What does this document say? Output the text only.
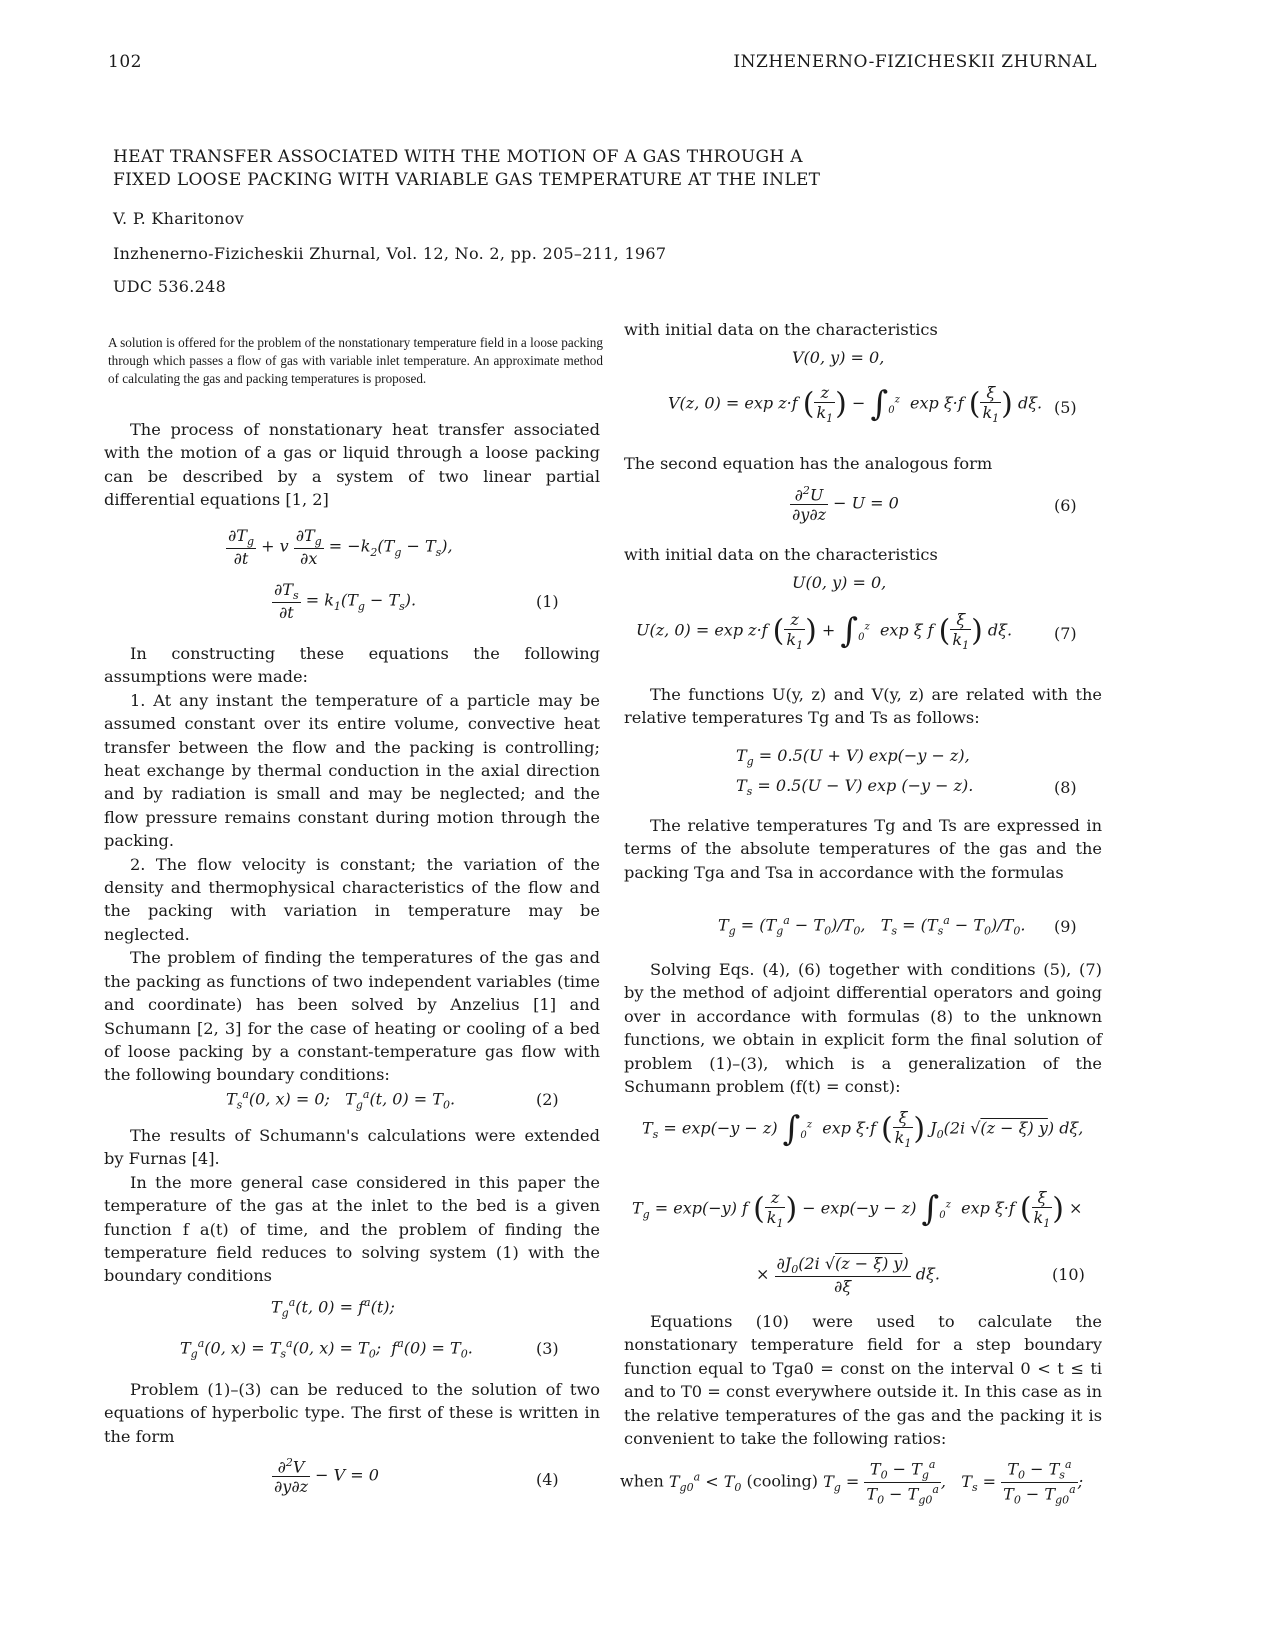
102	INZHENERNO-FIZICHESKII ZHURNAL
HEAT TRANSFER ASSOCIATED WITH THE MOTION OF A GAS THROUGH A
FIXED LOOSE PACKING WITH VARIABLE GAS TEMPERATURE AT THE INLET
V. P. Kharitonov
Inzhenerno-Fizicheskii Zhurnal, Vol. 12, No. 2, pp. 205–211, 1967
UDC 536.248

A solution is offered for the problem of the nonstationary temperature field in a loose packing through which passes a flow of gas with variable inlet temperature. An approximate method of calculating the gas and packing temperatures is proposed.

The process of nonstationary heat transfer associated with the motion of a gas or liquid through a loose packing can be described by a system of two linear partial differential equations [1, 2]

$\frac{\partial T_g}{\partial t} + v \frac{\partial T_g}{\partial x} = -k_2(T_g - T_s)$,
$\frac{\partial T_s}{\partial t} = k_1(T_g - T_s)$.	(1)

In constructing these equations the following assumptions were made:

1. At any instant the temperature of a particle may be assumed constant over its entire volume, convective heat transfer between the flow and the packing is controlling; heat exchange by thermal conduction in the axial direction and by radiation is small and may be neglected; and the flow pressure remains constant during motion through the packing.

2. The flow velocity is constant; the variation of the density and thermophysical characteristics of the flow and the packing with variation in temperature may be neglected.

The problem of finding the temperatures of the gas and the packing as functions of two independent variables (time and coordinate) has been solved by Anzelius [1] and Schumann [2, 3] for the case of heating or cooling of a bed of loose packing by a constant-temperature gas flow with the following boundary conditions:

$T_s^a(0$, x) = 0;   $T_g^a(t$, $0) = T_0$.	(2)

The results of Schumann's calculations were extended by Furnas [4].

In the more general case considered in this paper the temperature of the gas at the inlet to the bed is a given function f a(t) of time, and the problem of finding the temperature field reduces to solving system (1) with the boundary conditions

$T_g^a(t$, $0) = f^a(t)$;
$T_g^a(0$, $x) = T_s^a(0$, $x) = T_0$;  $f^a(0) = T_0$.	(3)

Problem (1)–(3) can be reduced to the solution of two equations of hyperbolic type. The first of these is written in the form

$\frac{\partial^2V}{\partial y\partial z} - V = 0$	(4)

with initial data on the characteristics

V(0, y) = 0,
V(z, 0) = exp z·f ( $\frac{z}{k_1}$ ) − $\int_0^z$  exp ξ·f ( $\frac{\xi}{k_1}$ ) dξ. (5)

The second equation has the analogous form

$\frac{\partial^2U}{\partial y\partial z} - U = 0$	(6)

with initial data on the characteristics

U(0, y) = 0,
U(z, 0) = exp z·f ( $\frac{z}{k_1}$ ) + $\int_0^z$  exp ξ f ( $\frac{\xi}{k_1}$ ) dξ.	(7)

The functions U(y, z) and V(y, z) are related with the relative temperatures Tg and Ts as follows:

$T_g = 0.5(U + V) \exp(-y - z)$,
$T_s = 0.5(U - V)$ exp (−y − z).	(8)

The relative temperatures Tg and Ts are expressed in terms of the absolute temperatures of the gas and the packing Tga and Tsa in accordance with the formulas

$T_g = (T_g^a - T_0)/T_0$,   $T_s = (T_s^a - T_0)/T_0$. (9)

Solving Eqs. (4), (6) together with conditions (5), (7) by the method of adjoint differential operators and going over in accordance with formulas (8) to the unknown functions, we obtain in explicit form the final solution of problem (1)–(3), which is a generalization of the Schumann problem (f(t) = const):

$T_s = \exp(-y - z)$ $\int_0^z$  exp ξ·f ( $\frac{\xi}{k_1}$ ) $J_0(2i$ √(z − ξ) y) dξ,
$T_g = \exp(-y)$ f ( $\frac{z}{k_1}$ ) − exp(−y − z) $\int_0^z$  exp ξ·f ( $\frac{\xi}{k_1}$ ) ×
× $\frac{\partial J_0(2i √(z - \xi) y)}{\partial\xi} d\xi$.	(10)

Equations (10) were used to calculate the nonstationary temperature field for a step boundary function equal to Tga0 = const on the interval 0 < t ≤ ti and to T0 = const everywhere outside it. In this case as in the relative temperatures of the gas and the packing it is convenient to take the following ratios:

when $T_{g0}^a < T_0$ (cooling) $T_g = \frac{T_0 - T_g^a}{T_0 - T_{g0}^a}$ ,   $T_s = \frac{T_0 - T_s^a}{T_0 - T_{g0}^a}$ ;
